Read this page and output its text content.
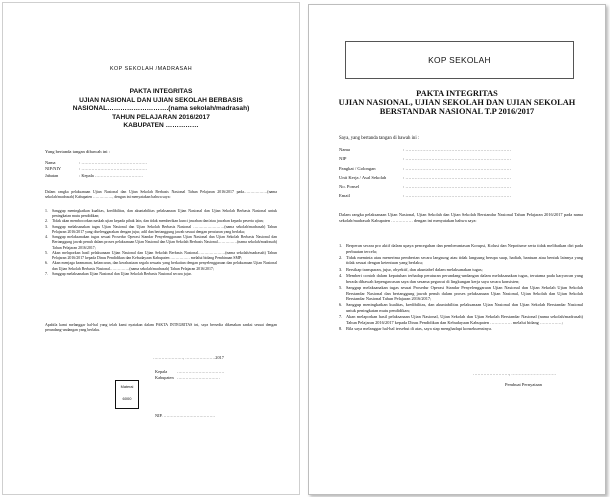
KOP SEKOLAH /MADRASAH
PAKTA INTEGRITAS
UJIAN NASIONAL DAN UJIAN SEKOLAH BERBASIS
NASIONAL……………………….(nama sekolah/madrasah)
TAHUN PELAJARAN 2016/2017
KABUPATEN ……………
Yang bertanda tangan dibawah ini :
Nama	: ………………………………………
NIP/NIY	: ………………………………………
Jabatan	: Kepala ……………………………
Dalam rangka pelaksanaan Ujian Nasional dan Ujian Sekolah Berbasis Nasional Tahun Pelajaran 2016/2017 pada………………(nama sekolah/madrasah) Kabupaten ……………, dengan ini menyatakan bahwa saya:
1.	Sanggup meningkatkan kualitas, kredibilitas, dan akuntabilitas pelaksanaan Ujian Nasional dan Ujian Sekolah Berbasis Nasional untuk peningkatan mutu pendidikan;
2.	Tidak akan membocorkan naskah ujian kepada pihak lain, dan tidak memberikan kunci jawaban dan/atau jawaban kepada peserta ujian;
3.	Sanggup melaksanakan tugas Ujian Nasional dan Ujian Sekolah Berbasis Nasional ……………………(nama sekolah/madrasah) Tahun Pelajaran 2016/2017 yang diselenggarakan dengan jujur, adil dan bertanggung jawab sesuai dengan peraturan yang berlaku;
4.	Sanggup melaksanakan tugas sesuai Prosedur Operasi Standar Penyelenggaraan Ujian Nasional dan Ujian Sekolah Berbasis Nasional dan Bertanggung jawab penuh dalam proses pelaksanaan Ujian Nasional dan Ujian Sekolah Berbasis Nasional……………(nama sekolah/madrasah) Tahun Pelajaran 2016/2017;
5.	Akan melaporkan hasil pelaksanaan Ujian Nasional dan Ujian Sekolah Berbasis Nasional…………………(nama sekolah/madrasah) Tahun Pelajaran 2016/2017 kepada Dinas Pendidikan dan Kebudayaan Kabupaten …………… melalui bidang Pembinaan SMP;
6.	Akan menjaga keamanan, kelancaran, dan kerahasiaan segala sesuatu yang berkaitan dengan penyelenggaraan dan pelaksanaan Ujian Nasional dan Ujian Sekolah Berbasis Nasional……………(nama sekolah/madrasah) Tahun Pelajaran 2016/2017;
7.	Sanggup melaksanakan Ujian Nasional dan Ujian Sekolah Berbasis Nasional secara jujur.
Apabila kami melanggar hal-hal yang telah kami nyatakan dalam PAKTA INTEGRITAS ini, saya bersedia dikenakan sanksi sesuai dengan perundang-undangan yang berlaku.
…………………, …………………2017
Kepala	……………………………
Kabupaten …………………………
Materai
6000
NIP. ………………………………
KOP SEKOLAH
PAKTA INTEGRITAS
UJIAN NASIONAL, UJIAN SEKOLAH DAN UJIAN SEKOLAH
BERSTANDAR NASIONAL T.P 2016/2017
Saya, yang bertanda tangan di bawah ini :
Nama	: ……………………………………………………………
NIP	: ……………………………………………………………
Pangkat / Golongan	: ……………………………………………………………
Unit Kerja / Asal Sekolah	: ……………………………………………………………
No. Ponsel	: ……………………………………………………………
Email	: ……………………………………………………………
Dalam rangka pelaksanaan Ujian Nasional, Ujian Sekolah dan Ujian Sekolah Berstandar Nasional Tahun Pelajaran 2016/2017 pada nama sekolah/madrasah Kabupaten …………… dengan ini menyatakan bahwa saya:
1. Berperan secara pro aktif dalam upaya pencegahan dan pemberantasan Korupsi, Kolusi dan Nepotisme serta tidak melibatkan diri pada perbuatan tercela;
2. Tidak meminta atau menerima pemberian secara langsung atau tidak langsung berupa suap, hadiah, bantuan atau bentuk lainnya yang tidak sesuai dengan ketentuan yang berlaku;
3. Bersikap transparan, jujur, obyektif, dan akuntabel dalam melaksanakan tugas;
4. Memberi contoh dalam kepatuhan terhadap peraturan perundang-undangan dalam melaksanakan tugas, terutama pada karyawan yang berada dibawah kepengawasan saya dan sesama pegawai di lingkungan kerja saya secara konsisten;
5. Sanggup melaksanakan tugas sesuai Prosedur Operasi Standar Penyelenggaraan Ujian Nasional dan Ujian Sekolah Ujian Sekolah Berstandar Nasional dan bertanggung jawab penuh dalam proses pelaksanaan Ujian Nasional, Ujian Sekolah dan Ujian Sekolah Berstandar Nasional Tahun Pelajaran 2016/2017;
6. Sanggup meningkatkan kualitas, kredibilitas, dan akuntabilitas pelaksanaan Ujian Nasional dan Ujian Sekolah Berstandar Nasional untuk peningkatan mutu pendidikan;
7. Akan melaporkan hasil pelaksanaan Ujian Nasional, Ujian Sekolah dan Ujian Sekolah Berstandar Nasional (nama sekolah/madrasah) Tahun Pelajaran 2016/2017 kepada Dinas Pendidikan dan Kebudayaan Kabupaten …………… melalui bidang ……………;
8. Bila saya melanggar hal-hal tersebut di atas, saya siap menghadapi konsekuensinya.
……………………, …………………………
Pembuat Pernyataan
